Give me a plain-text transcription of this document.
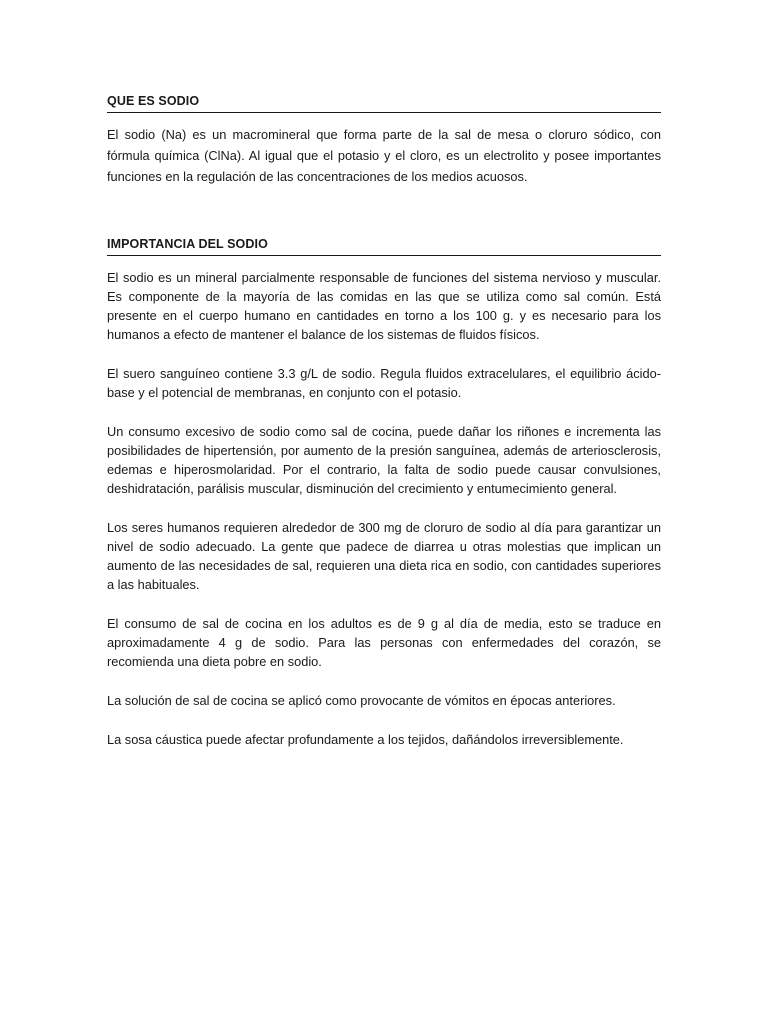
QUE ES SODIO

El sodio (Na) es un macromineral que forma parte de la sal de mesa o cloruro sódico, con fórmula química (ClNa). Al igual que el potasio y el cloro, es un electrolito y posee importantes funciones en la regulación de las concentraciones de los medios acuosos.

IMPORTANCIA DEL SODIO

El sodio es un mineral parcialmente responsable de funciones del sistema nervioso y muscular. Es componente de la mayoría de las comidas en las que se utiliza como sal común. Está presente en el cuerpo humano en cantidades en torno a los 100 g. y es necesario para los humanos a efecto de mantener el balance de los sistemas de fluidos físicos.

El suero sanguíneo contiene 3.3 g/L de sodio. Regula fluidos extracelulares, el equilibrio ácido-base y el potencial de membranas, en conjunto con el potasio.

Un consumo excesivo de sodio como sal de cocina, puede dañar los riñones e incrementa las posibilidades de hipertensión, por aumento de la presión sanguínea, además de arteriosclerosis, edemas e hiperosmolaridad. Por el contrario, la falta de sodio puede causar convulsiones, deshidratación, parálisis muscular, disminución del crecimiento y entumecimiento general.

Los seres humanos requieren alrededor de 300 mg de cloruro de sodio al día para garantizar un nivel de sodio adecuado. La gente que padece de diarrea u otras molestias que implican un aumento de las necesidades de sal, requieren una dieta rica en sodio, con cantidades superiores a las habituales.

El consumo de sal de cocina en los adultos es de 9 g al día de media, esto se traduce en aproximadamente 4 g de sodio. Para las personas con enfermedades del corazón, se recomienda una dieta pobre en sodio.

La solución de sal de cocina se aplicó como provocante de vómitos en épocas anteriores.

La sosa cáustica puede afectar profundamente a los tejidos, dañándolos irreversiblemente.
